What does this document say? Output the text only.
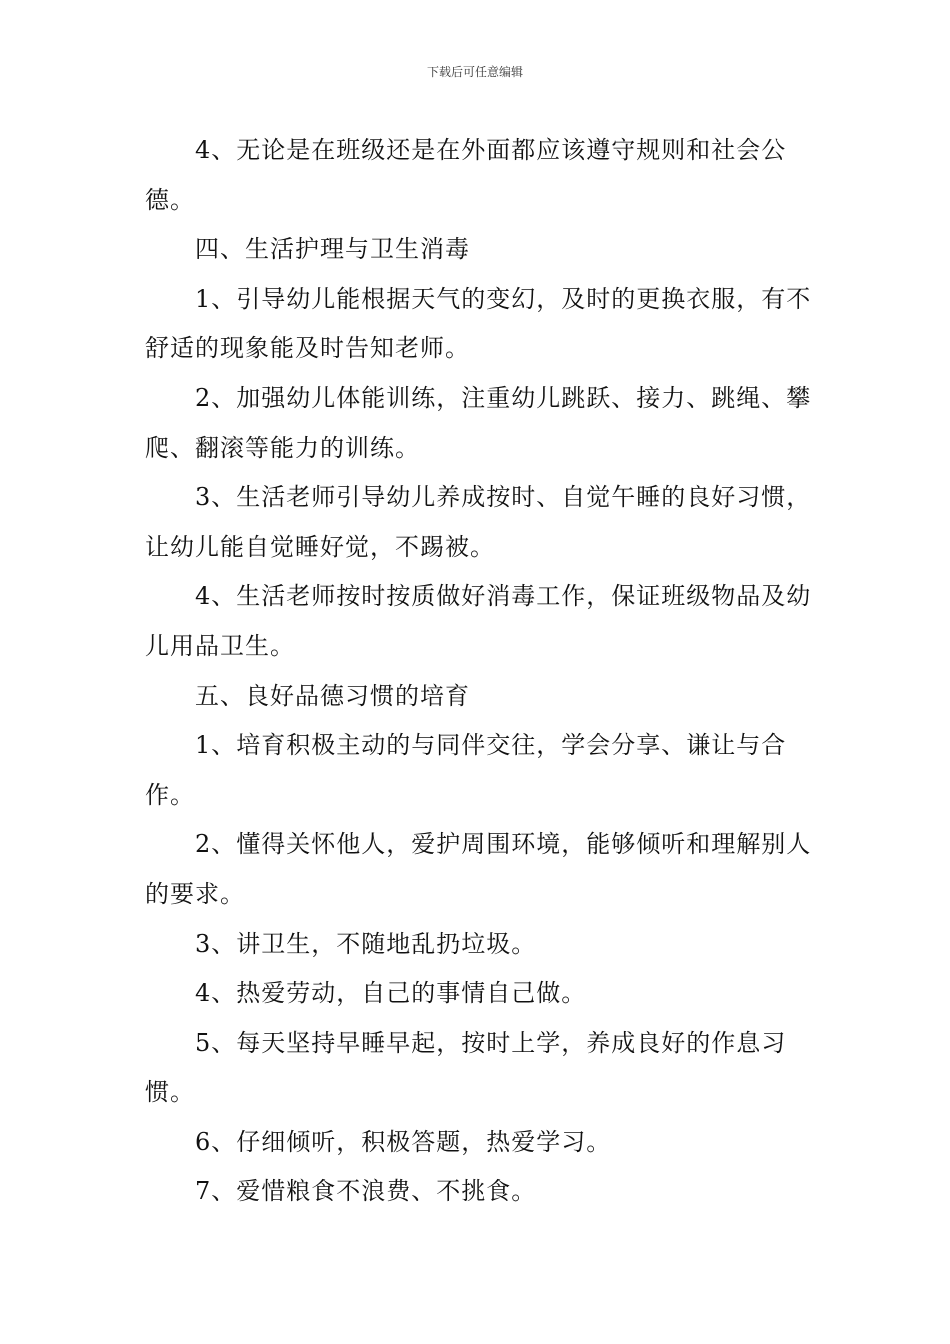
下载后可任意编辑

4、无论是在班级还是在外面都应该遵守规则和社会公德。

四、生活护理与卫生消毒

1、引导幼儿能根据天气的变幻，及时的更换衣服，有不舒适的现象能及时告知老师。

2、加强幼儿体能训练，注重幼儿跳跃、接力、跳绳、攀爬、翻滚等能力的训练。

3、生活老师引导幼儿养成按时、自觉午睡的良好习惯，让幼儿能自觉睡好觉，不踢被。

4、生活老师按时按质做好消毒工作，保证班级物品及幼儿用品卫生。

五、良好品德习惯的培育

1、培育积极主动的与同伴交往，学会分享、谦让与合作。

2、懂得关怀他人，爱护周围环境，能够倾听和理解别人的要求。

3、讲卫生，不随地乱扔垃圾。

4、热爱劳动，自己的事情自己做。

5、每天坚持早睡早起，按时上学，养成良好的作息习惯。

6、仔细倾听，积极答题，热爱学习。

7、爱惜粮食不浪费、不挑食。
